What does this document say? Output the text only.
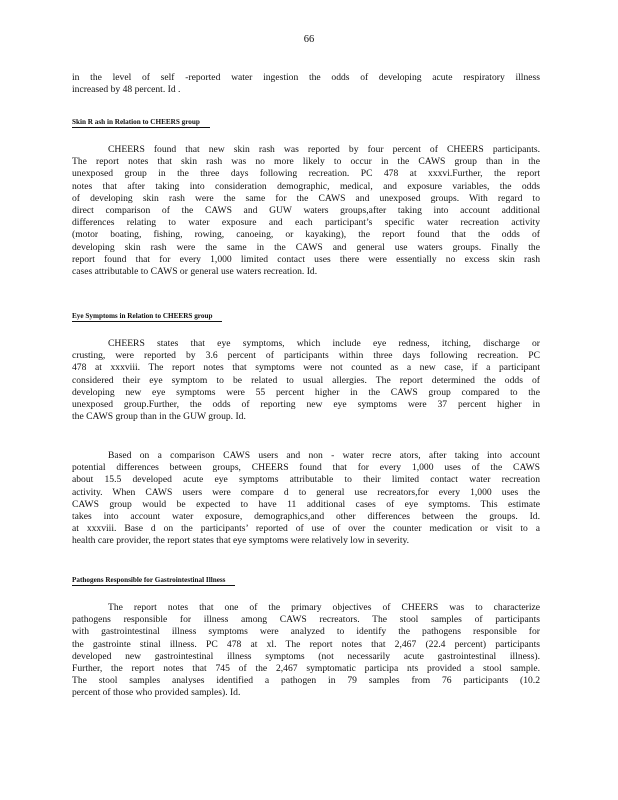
66
in the level of self -reported water ingestion the odds of developing acute respiratory illness
increased by 48 percent. Id .
Skin R ash in Relation to CHEERS group
CHEERS found that new skin rash was reported by four percent of CHEERS participants.
The report notes that skin rash was no more likely to occur in the CAWS group than in the
unexposed group in the three days following recreation. PC 478 at xxxvi.Further, the report
notes that after taking into consideration demographic, medical, and exposure variables, the odds
of developing skin rash were the same for the CAWS and unexposed groups. With regard to
direct comparison of the CAWS and GUW waters groups,after taking into account additional
differences relating to water exposure and each participant’s specific water recreation activity
(motor boating, fishing, rowing, canoeing, or kayaking), the report found that the odds of
developing skin rash were the same in the CAWS and general use waters groups. Finally the
report found that for every 1,000 limited contact uses there were essentially no excess skin rash
cases attributable to CAWS or general use waters recreation. Id.
Eye Symptoms in Relation to CHEERS group
CHEERS states that eye symptoms, which include eye redness, itching, discharge or
crusting, were reported by 3.6 percent of participants within three days following recreation. PC
478 at xxxviii. The report notes that symptoms were not counted as a new case, if a participant
considered their eye symptom to be related to usual allergies. The report determined the odds of
developing new eye symptoms were 55 percent higher in the CAWS group compared to the
unexposed group.Further, the odds of reporting new eye symptoms were 37 percent higher in
the CAWS group than in the GUW group. Id.
Based on a comparison CAWS users and non - water recre ators, after taking into account
potential differences between groups, CHEERS found that for every 1,000 uses of the CAWS
about 15.5 developed acute eye symptoms attributable to their limited contact water recreation
activity. When CAWS users were compare d to general use recreators,for every 1,000 uses the
CAWS group would be expected to have 11 additional cases of eye symptoms. This estimate
takes into account water exposure, demographics,and other differences between the groups. Id.
at xxxviii. Base d on the participants’ reported of use of over the counter medication or visit to a
health care provider, the report states that eye symptoms were relatively low in severity.
Pathogens Responsible for Gastrointestinal Illness
The report notes that one of the primary objectives of CHEERS was to characterize
pathogens responsible for illness among CAWS recreators. The stool samples of participants
with gastrointestinal illness symptoms were analyzed to identify the pathogens responsible for
the gastrointe stinal illness. PC 478 at xl. The report notes that 2,467 (22.4 percent) participants
developed new gastrointestinal illness symptoms (not necessarily acute gastrointestinal illness).
Further, the report notes that 745 of the 2,467 symptomatic participa nts provided a stool sample.
The stool samples analyses identified a pathogen in 79 samples from 76 participants (10.2
percent of those who provided samples). Id.
